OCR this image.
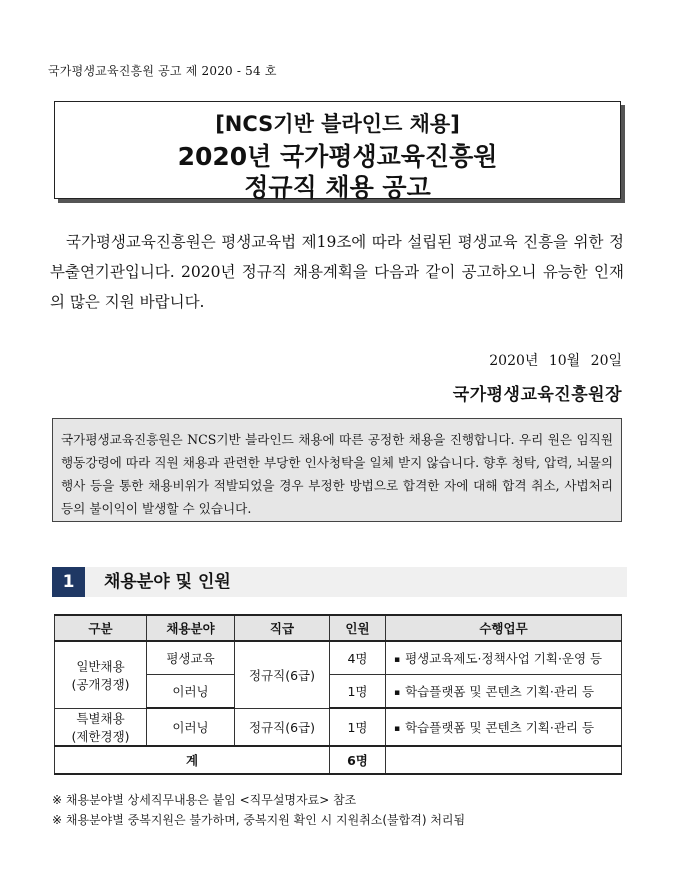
국가평생교육진흥원 공고 제 2020 - 54 호
[NCS기반 블라인드 채용]
2020년 국가평생교육진흥원
정규직 채용 공고
국가평생교육진흥원은 평생교육법 제19조에 따라 설립된 평생교육 진흥을 위한 정부출연기관입니다. 2020년 정규직 채용계획을 다음과 같이 공고하오니 유능한 인재의 많은 지원 바랍니다.
2020년 10월 20일
국가평생교육진흥원장
국가평생교육진흥원은 NCS기반 블라인드 채용에 따른 공정한 채용을 진행합니다. 우리 원은 임직원 행동강령에 따라 직원 채용과 관련한 부당한 인사청탁을 일체 받지 않습니다. 향후 청탁, 압력, 뇌물의 행사 등을 통한 채용비위가 적발되었을 경우 부정한 방법으로 합격한 자에 대해 합격 취소, 사법처리 등의 불이익이 발생할 수 있습니다.
1	채용분야 및 인원
구분	채용분야	직급	인원	수행업무

일반채용
(공개경쟁)	평생교육	정규직(6급)	4명	▪ 평생교육제도·정책사업 기획·운영 등
	이러닝		1명	▪ 학습플랫폼 및 콘텐츠 기획·관리 등

특별채용
(제한경쟁)	이러닝	정규직(6급)	1명	▪ 학습플랫폼 및 콘텐츠 기획·관리 등
계			6명	
※ 채용분야별 상세직무내용은 붙임 <직무설명자료> 참조
※ 채용분야별 중복지원은 불가하며, 중복지원 확인 시 지원취소(불합격) 처리됨
